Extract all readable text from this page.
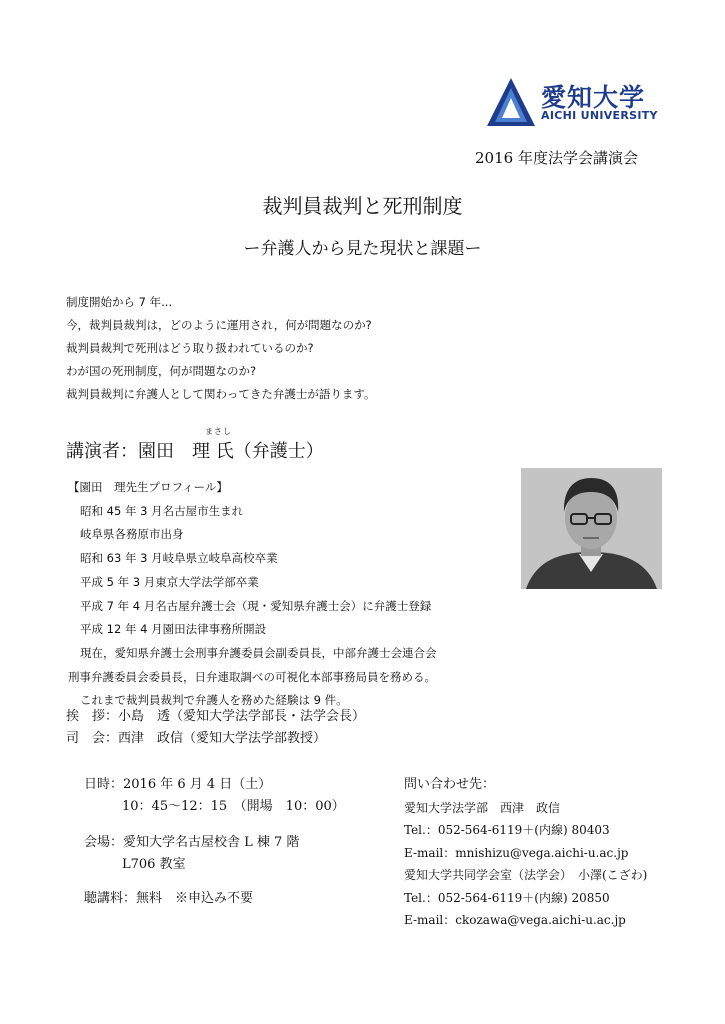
愛知大学
AICHI UNIVERSITY
2016 年度法学会講演会
裁判員裁判と死刑制度
ー弁護人から見た現状と課題ー
制度開始から 7 年...
今，裁判員裁判は，どのように運用され，何が問題なのか?
裁判員裁判で死刑はどう取り扱われているのか?
わが国の死刑制度，何が問題なのか?
裁判員裁判に弁護人として関わってきた弁護士が語ります。
まさし
講演者：園田　理 氏（弁護士）
【園田　理先生プロフィール】
昭和 45 年 3 月名古屋市生まれ
岐阜県各務原市出身
昭和 63 年 3 月岐阜県立岐阜高校卒業
平成 5 年 3 月東京大学法学部卒業
平成 7 年 4 月名古屋弁護士会（現・愛知県弁護士会）に弁護士登録
平成 12 年 4 月園田法律事務所開設
現在，愛知県弁護士会刑事弁護委員会副委員長，中部弁護士会連合会
刑事弁護委員会委員長，日弁連取調べの可視化本部事務局員を務める。
これまで裁判員裁判で弁護人を務めた経験は 9 件。
挨　拶：小島　透（愛知大学法学部長・法学会長）
司　会：西津　政信（愛知大学法学部教授）
日時：2016 年 6 月 4 日（土）
10：45〜12：15　（開場　10：00）
会場：愛知大学名古屋校舎 L 棟 7 階
L706 教室
聴講料：無料　※申込み不要
問い合わせ先：
愛知大学法学部　西津　政信
Tel.：052-564-6119＋(内線) 80403
E-mail：mnishizu@vega.aichi-u.ac.jp
愛知大学共同学会室（法学会）　小澤(こざわ)
Tel.：052-564-6119＋(内線) 20850
E-mail：ckozawa@vega.aichi-u.ac.jp
